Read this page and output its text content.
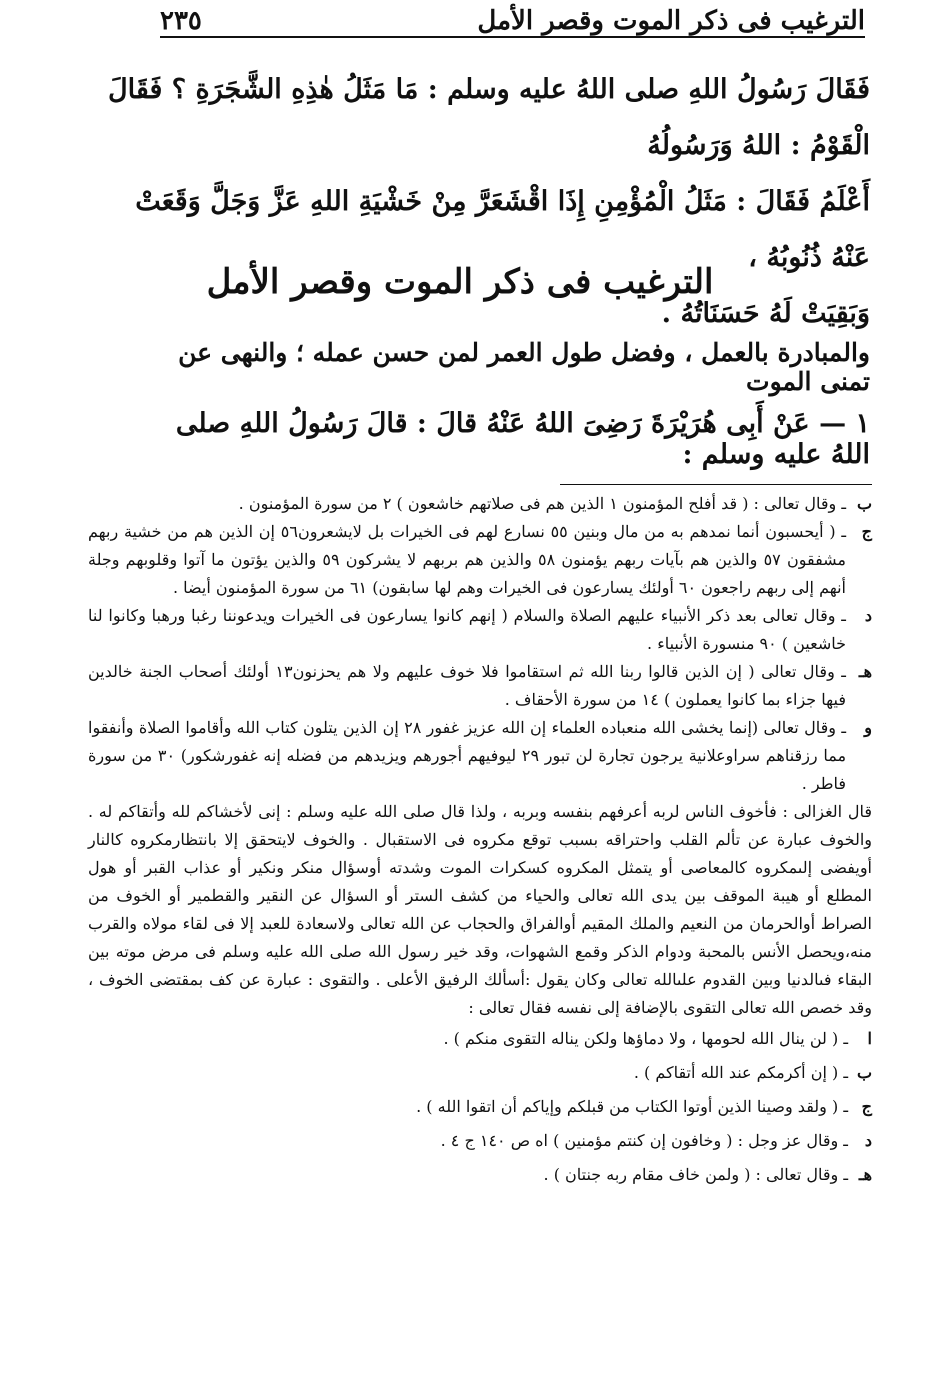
٢٣٥	الترغيب فى ذكر الموت وقصر الأمل

فَقَالَ رَسُولُ اللهِ صلى اللهُ عليه وسلم : مَا مَثَلُ هٰذِهِ الشَّجَرَةِ ؟ فَقَالَ الْقَوْمُ : اللهُ وَرَسُولُهُ

أَعْلَمُ فَقَالَ : مَثَلُ الْمُؤْمِنِ إِذَا اقْشَعَرَّ مِنْ خَشْيَةِ اللهِ عَزَّ وَجَلَّ وَقَعَتْ عَنْهُ ذُنُوبُهُ ،

وَبَقِيَتْ لَهُ حَسَنَاتُهُ .

الترغيب فى ذكر الموت وقصر الأمل
والمبادرة بالعمل ، وفضل طول العمر لمن حسن عمله ؛ والنهى عن تمنى الموت
١ — عَنْ أَبِى هُرَيْرَةَ رَضِىَ اللهُ عَنْهُ قالَ : قالَ رَسُولُ اللهِ صلى اللهُ عليه وسلم :
ب
ـ وقال تعالى : ( قد أفلح المؤمنون ١ الذين هم فى صلاتهم خاشعون ) ٢ من سورة المؤمنون .
ج
ـ ( أيحسبون أنما نمدهم به من مال وبنين ٥٥ نسارع لهم فى الخيرات بل لايشعرون٥٦ إن الذين هم من خشية ربهم مشفقون ٥٧ والذين هم بآيات ربهم يؤمنون ٥٨ والذين هم بربهم لا يشركون ٥٩ والذين يؤتون ما آتوا وقلوبهم وجلة أنهم إلى ربهم راجعون ٦٠ أولئك يسارعون فى الخيرات وهم لها سابقون) ٦١ من سورة المؤمنون أيضا .
د
ـ وقال تعالى بعد ذكر الأنبياء عليهم الصلاة والسلام ( إنهم كانوا يسارعون فى الخيرات ويدعوننا رغبا ورهبا وكانوا لنا خاشعين ) ٩٠ منسورة الأنبياء .
هـ
ـ وقال تعالى ( إن الذين قالوا ربنا الله ثم استقاموا فلا خوف عليهم ولا هم يحزنون١٣ أولئك أصحاب الجنة خالدين فيها جزاء بما كانوا يعملون ) ١٤ من سورة الأحقاف .
و
ـ وقال تعالى (إنما يخشى الله منعباده العلماء إن الله عزيز غفور ٢٨ إن الذين يتلون كتاب الله وأقاموا الصلاة وأنفقوا مما رزقناهم سراوعلانية يرجون تجارة لن تبور ٢٩ ليوفيهم أجورهم ويزيدهم من فضله إنه غفورشكور) ٣٠ من سورة فاطر .

قال الغزالى : فأخوف الناس لربه أعرفهم بنفسه وبربه ، ولذا قال صلى الله عليه وسلم : إنى لأخشاكم لله وأتقاكم له . والخوف عبارة عن تألم القلب واحتراقه بسبب توقع مكروه فى الاستقبال . والخوف لايتحقق إلا بانتظارمكروه كالنار أويفضى إلىمكروه كالمعاصى أو يتمثل المكروه كسكرات الموت وشدته أوسؤال منكر ونكير أو عذاب القبر أو هول المطلع أو هيبة الموقف بين يدى الله تعالى والحياء من كشف الستر أو السؤال عن النقير والقطمير أو الخوف من الصراط أوالحرمان من النعيم والملك المقيم أوالفراق والحجاب عن الله تعالى ولاسعادة للعبد إلا فى لقاء مولاه والقرب منه،ويحصل الأنس بالمحبة ودوام الذكر وقمع الشهوات، وقد خير رسول الله صلى الله عليه وسلم فى مرض موته بين البقاء فىالدنيا وبين القدوم علىالله تعالى وكان يقول :أسألك الرفيق الأعلى . والتقوى : عبارة عن كف بمقتضى الخوف ، وقد خصص الله تعالى التقوى بالإضافة إلى نفسه فقال تعالى :

ا
ـ ( لن ينال الله لحومها ، ولا دماؤها ولكن يناله التقوى منكم ) .
ب
ـ ( إن أكرمكم عند الله أتقاكم ) .
ج
ـ ( ولقد وصينا الذين أوتوا الكتاب من قبلكم وإياكم أن اتقوا الله ) .
د
ـ وقال عز وجل : ( وخافون إن كنتم مؤمنين ) اه ص ١٤٠ ج ٤ .
هـ
ـ وقال تعالى : ( ولمن خاف مقام ربه جنتان ) .
